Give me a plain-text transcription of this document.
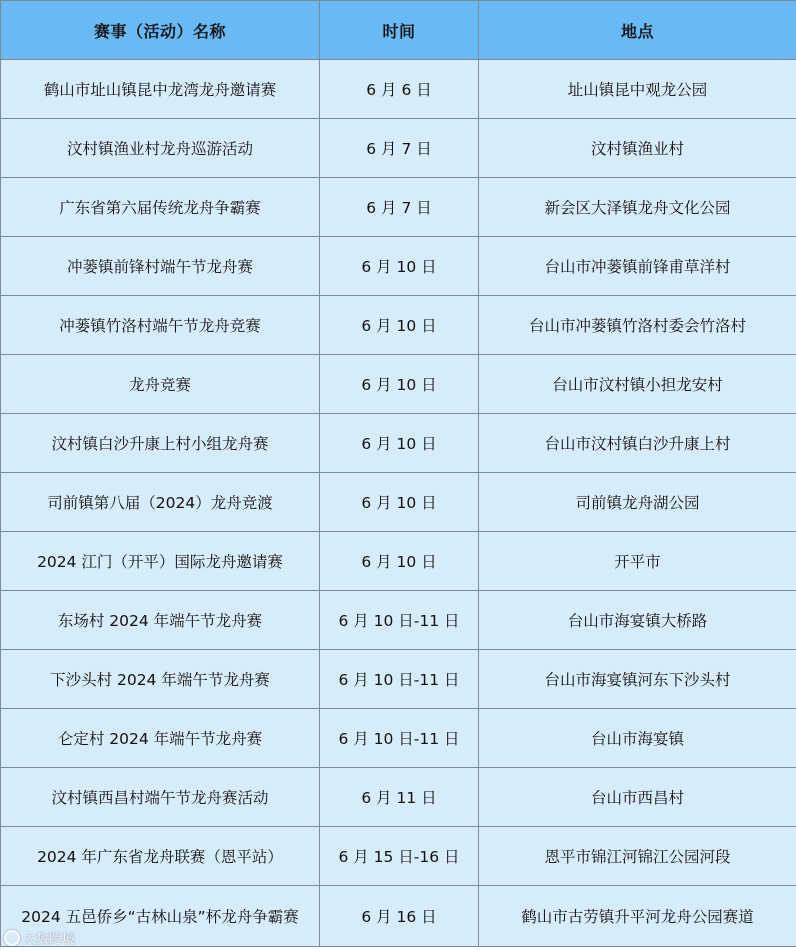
赛事（活动）名称	时间	地点
鹤山市址山镇昆中龙湾龙舟邀请赛	6 月 6 日	址山镇昆中观龙公园
汶村镇渔业村龙舟巡游活动	6 月 7 日	汶村镇渔业村
广东省第六届传统龙舟争霸赛	6 月 7 日	新会区大泽镇龙舟文化公园
冲蒌镇前锋村端午节龙舟赛	6 月 10 日	台山市冲蒌镇前锋甫草洋村
冲蒌镇竹洛村端午节龙舟竞赛	6 月 10 日	台山市冲蒌镇竹洛村委会竹洛村
龙舟竞赛	6 月 10 日	台山市汶村镇小担龙安村
汶村镇白沙升康上村小组龙舟赛	6 月 10 日	台山市汶村镇白沙升康上村
司前镇第八届（2024）龙舟竞渡	6 月 10 日	司前镇龙舟湖公园
2024 江门（开平）国际龙舟邀请赛	6 月 10 日	开平市
东场村 2024 年端午节龙舟赛	6 月 10 日-11 日	台山市海宴镇大桥路
下沙头村 2024 年端午节龙舟赛	6 月 10 日-11 日	台山市海宴镇河东下沙头村
仑定村 2024 年端午节龙舟赛	6 月 10 日-11 日	台山市海宴镇
汶村镇西昌村端午节龙舟赛活动	6 月 11 日	台山市西昌村
2024 年广东省龙舟联赛（恩平站）	6 月 15 日-16 日	恩平市锦江河锦江公园河段
2024 五邑侨乡“古林山泉”杯龙舟争霸赛	6 月 16 日	鹤山市古劳镇升平河龙舟公园赛道
大数跨境
